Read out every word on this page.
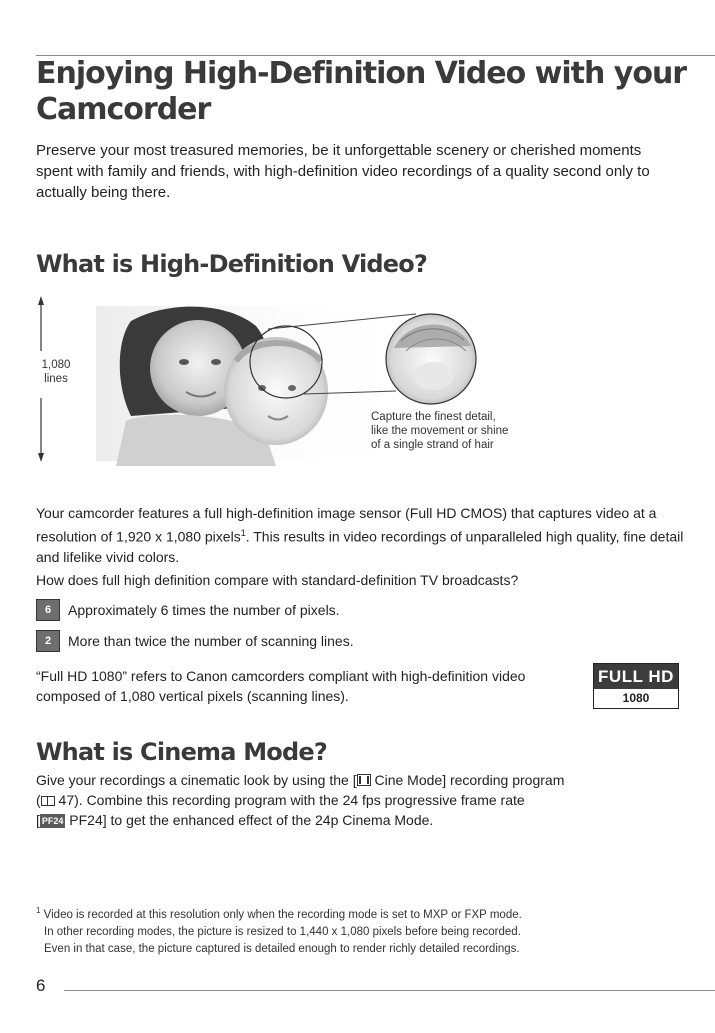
Enjoying High-Definition Video with your
Camcorder

Preserve your most treasured memories, be it unforgettable scenery or cherished moments spent with family and friends, with high-definition video recordings of a quality second only to actually being there.

What is High-Definition Video?
1,080
lines
Capture the finest detail,
like the movement or shine
of a single strand of hair

Your camcorder features a full high-definition image sensor (Full HD CMOS) that captures video at a resolution of 1,920 x 1,080 pixels$^1$. This results in video recordings of unparalleled high quality, fine detail and lifelike vivid colors.

How does full high definition compare with standard-definition TV broadcasts?

6 Approximately 6 times the number of pixels.
2 More than twice the number of scanning lines.

“Full HD 1080” refers to Canon camcorders compliant with high-definition video composed of 1,080 vertical pixels (scanning lines).

FULL HD
1080
What is Cinema Mode?
Give your recordings a cinematic look by using the [ Cine Mode] recording program
( 47). Combine this recording program with the 24 fps progressive frame rate
[ PF24 PF24] to get the enhanced effect of the 24p Cinema Mode.
$^1$ Video is recorded at this resolution only when the recording mode is set to MXP or FXP mode.
In other recording modes, the picture is resized to 1,440 x 1,080 pixels before being recorded.
Even in that case, the picture captured is detailed enough to render richly detailed recordings.
6
